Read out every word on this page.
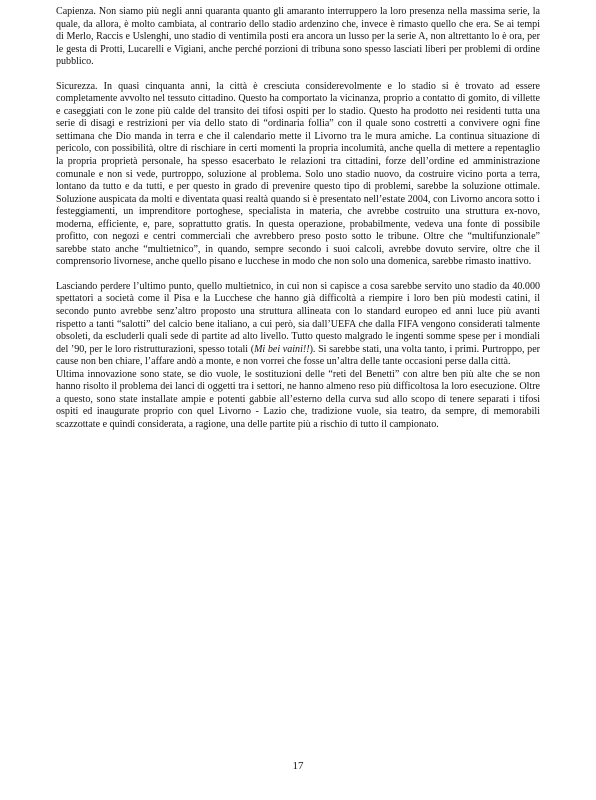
Capienza. Non siamo più negli anni quaranta quanto gli amaranto interruppero la loro presenza nella massima serie, la quale, da allora, è molto cambiata, al contrario dello stadio ardenzino che, invece è rimasto quello che era. Se ai tempi di Merlo, Raccis e Uslenghi, uno stadio di ventimila posti era ancora un lusso per la serie A, non altrettanto lo è ora, per le gesta di Protti, Lucarelli e Vigiani, anche perché porzioni di tribuna sono spesso lasciati liberi per problemi di ordine pubblico.

Sicurezza. In quasi cinquanta anni, la città è cresciuta considerevolmente e lo stadio si è trovato ad essere completamente avvolto nel tessuto cittadino. Questo ha comportato la vicinanza, proprio a contatto di gomito, di villette e caseggiati con le zone più calde del transito dei tifosi ospiti per lo stadio. Questo ha prodotto nei residenti tutta una serie di disagi e restrizioni per via dello stato di “ordinaria follia” con il quale sono costretti a convivere ogni fine settimana che Dio manda in terra e che il calendario mette il Livorno tra le mura amiche. La continua situazione di pericolo, con possibilità, oltre di rischiare in certi momenti la propria incolumità, anche quella di mettere a repentaglio la propria proprietà personale, ha spesso esacerbato le relazioni tra cittadini, forze dell’ordine ed amministrazione comunale e non si vede, purtroppo, soluzione al problema. Solo uno stadio nuovo, da costruire vicino porta a terra, lontano da tutto e da tutti, e per questo in grado di prevenire questo tipo di problemi, sarebbe la soluzione ottimale. Soluzione auspicata da molti e diventata quasi realtà quando si è presentato nell’estate 2004, con Livorno ancora sotto i festeggiamenti, un imprenditore portoghese, specialista in materia, che avrebbe costruito una struttura ex-novo, moderna, efficiente, e, pare, soprattutto gratis. In questa operazione, probabilmente, vedeva una fonte di possibile profitto, con negozi e centri commerciali che avrebbero preso posto sotto le tribune. Oltre che “multifunzionale” sarebbe stato anche “multietnico”, in quando, sempre secondo i suoi calcoli, avrebbe dovuto servire, oltre che il comprensorio livornese, anche quello pisano e lucchese in modo che non solo una domenica, sarebbe rimasto inattivo.

Lasciando perdere l’ultimo punto, quello multietnico, in cui non si capisce a cosa sarebbe servito uno stadio da 40.000 spettatori a società come il Pisa e la Lucchese che hanno già difficoltà a riempire i loro ben più modesti catini, il secondo punto avrebbe senz’altro proposto una struttura allineata con lo standard europeo ed anni luce più avanti rispetto a tanti “salotti” del calcio bene italiano, a cui però, sia dall’UEFA che dalla FIFA vengono considerati talmente obsoleti, da escluderli quali sede di partite ad alto livello. Tutto questo malgrado le ingenti somme spese per i mondiali del ’90, per le loro ristrutturazioni, spesso totali (Mi bei vaini!!). Si sarebbe stati, una volta tanto, i primi. Purtroppo, per cause non ben chiare, l’affare andò a monte, e non vorrei che fosse un’altra delle tante occasioni perse dalla città.

Ultima innovazione sono state, se dio vuole, le sostituzioni delle “reti del Benetti” con altre ben più alte che se non hanno risolto il problema dei lanci di oggetti tra i settori, ne hanno almeno reso più difficoltosa la loro esecuzione. Oltre a questo, sono state installate ampie e potenti gabbie all’esterno della curva sud allo scopo di tenere separati i tifosi ospiti ed inaugurate proprio con quel Livorno - Lazio che, tradizione vuole, sia teatro, da sempre, di memorabili scazzottate e quindi considerata, a ragione, una delle partite più a rischio di tutto il campionato.

17
